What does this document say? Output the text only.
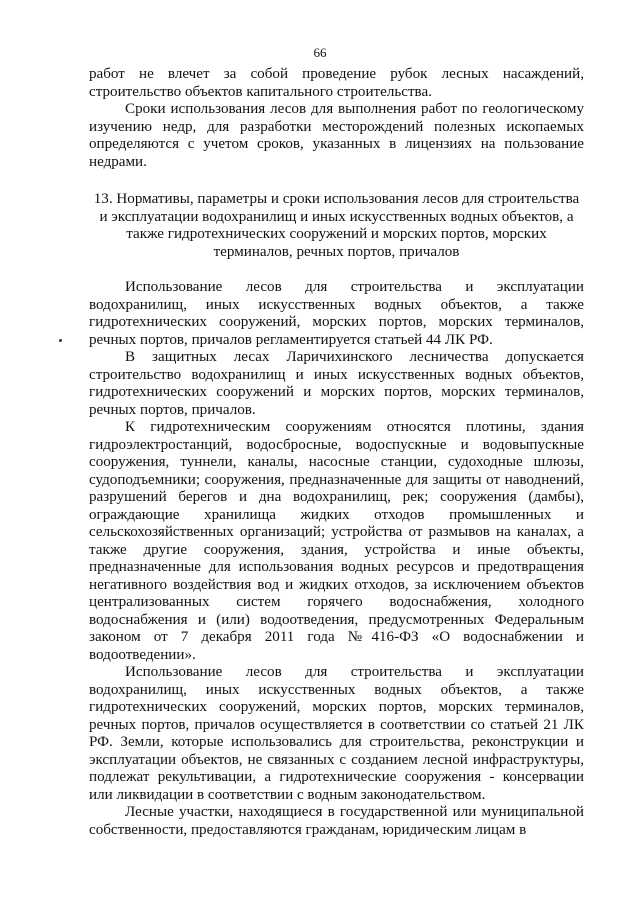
66

работ не влечет за собой проведение рубок лесных насаждений, строительство объектов капитального строительства.

Сроки использования лесов для выполнения работ по геологическому изучению недр, для разработки месторождений полезных ископаемых определяются с учетом сроков, указанных в лицензиях на пользование недрами.

13. Нормативы, параметры и сроки использования лесов для строительства и эксплуатации водохранилищ и иных искусственных водных объектов, а также гидротехнических сооружений и морских портов, морских терминалов, речных портов, причалов

Использование лесов для строительства и эксплуатации водохранилищ, иных искусственных водных объектов, а также гидротехнических сооружений, морских портов, морских терминалов, речных портов, причалов регламентируется статьей 44 ЛК РФ.

В защитных лесах Ларичихинского лесничества допускается строительство водохранилищ и иных искусственных водных объектов, гидротехнических сооружений и морских портов, морских терминалов, речных портов, причалов.

К гидротехническим сооружениям относятся плотины, здания гидроэлектростанций, водосбросные, водоспускные и водовыпускные сооружения, туннели, каналы, насосные станции, судоходные шлюзы, судоподъемники; сооружения, предназначенные для защиты от наводнений, разрушений берегов и дна водохранилищ, рек; сооружения (дамбы), ограждающие хранилища жидких отходов промышленных и сельскохозяйственных организаций; устройства от размывов на каналах, а также другие сооружения, здания, устройства и иные объекты, предназначенные для использования водных ресурсов и предотвращения негативного воздействия вод и жидких отходов, за исключением объектов централизованных систем горячего водоснабжения, холодного водоснабжения и (или) водоотведения, предусмотренных Федеральным законом от 7 декабря 2011 года №416-ФЗ «О водоснабжении и водоотведении».

Использование лесов для строительства и эксплуатации водохранилищ, иных искусственных водных объектов, а также гидротехнических сооружений, морских портов, морских терминалов, речных портов, причалов осуществляется в соответствии со статьей 21 ЛК РФ. Земли, которые использовались для строительства, реконструкции и эксплуатации объектов, не связанных с созданием лесной инфраструктуры, подлежат рекультивации, а гидротехнические сооружения - консервации или ликвидации в соответствии с водным законодательством.

Лесные участки, находящиеся в государственной или муниципальной собственности, предоставляются гражданам, юридическим лицам в
